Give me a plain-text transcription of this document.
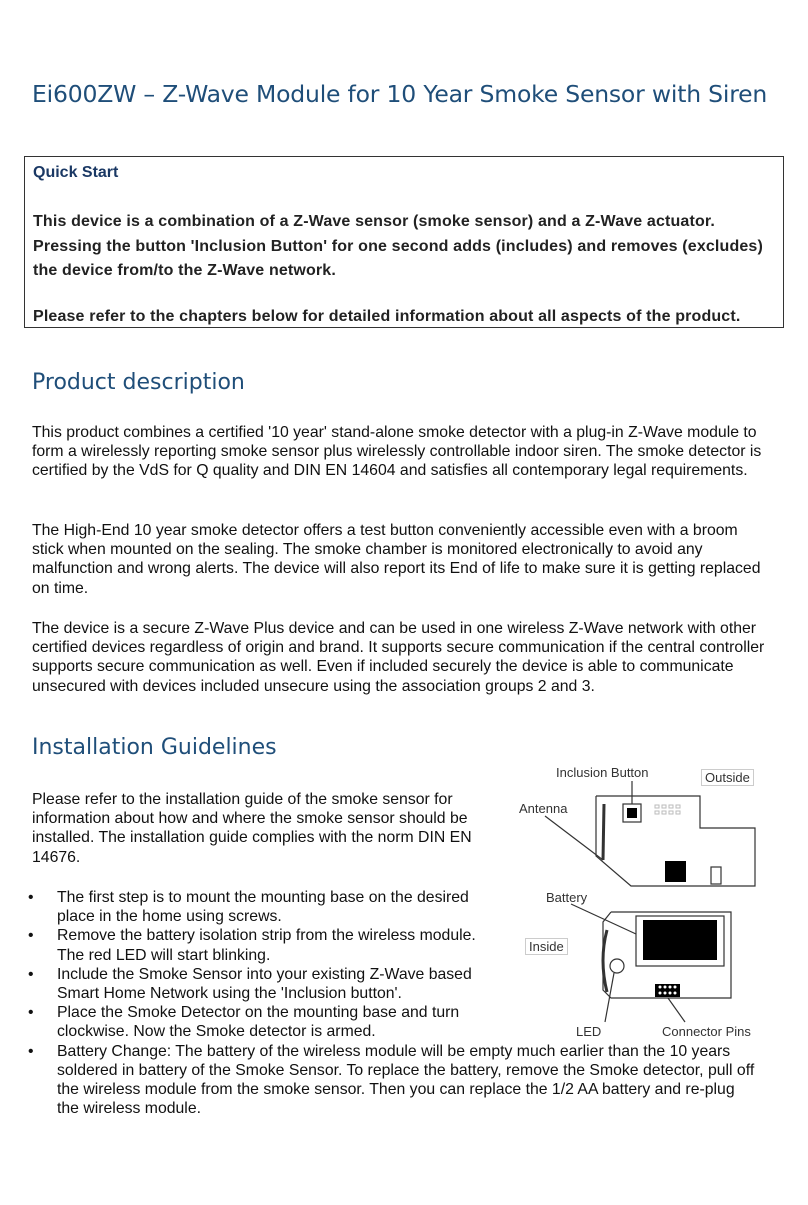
Ei600ZW – Z-Wave Module for 10 Year Smoke Sensor with Siren
Quick Start
This device is a combination of a Z-Wave sensor (smoke sensor) and a Z-Wave actuator. Pressing the button 'Inclusion Button' for one second adds (includes) and removes (excludes) the device from/to the Z-Wave network.
Please refer to the chapters below for detailed information about all aspects of the product.
Product description

This product combines a certified '10 year' stand-alone smoke detector with a plug-in Z-Wave module to form a wirelessly reporting smoke sensor plus wirelessly controllable indoor siren. The smoke detector is certified by the VdS for Q quality and DIN EN 14604 and satisfies all contemporary legal requirements.

The High-End 10 year smoke detector offers a test button conveniently accessible even with a broom stick when mounted on the sealing. The smoke chamber is monitored electronically to avoid any malfunction and wrong alerts. The device will also report its End of life to make sure it is getting replaced on time.

The device is a secure Z-Wave Plus device and can be used in one wireless Z-Wave network with other certified devices regardless of origin and brand. It supports secure communication if the central controller supports secure communication as well. Even if included securely the device is able to communicate unsecured with devices included unsecure using the association groups 2 and 3.

Installation Guidelines

Please refer to the installation guide of the smoke sensor for information about how and where the smoke sensor should be installed. The installation guide complies with the norm DIN EN 14676.

• The first step is to mount the mounting base on the desired place in the home using screws.
• Remove the battery isolation strip from the wireless module. The red LED will start blinking.
• Include the Smoke Sensor into your existing Z-Wave based Smart Home Network using the 'Inclusion button'.
• Place the Smoke Detector on the mounting base and turn clockwise. Now the Smoke detector is armed.
• Battery Change: The battery of the wireless module will be empty much earlier than the 10 years soldered in battery of the Smoke Sensor. To replace the battery, remove the Smoke detector, pull off the wireless module from the smoke sensor. Then you can replace the 1/2 AA battery and re-plug the wireless module.
Inclusion Button	Outside
Antenna
Battery
Inside
LED	Connector Pins
